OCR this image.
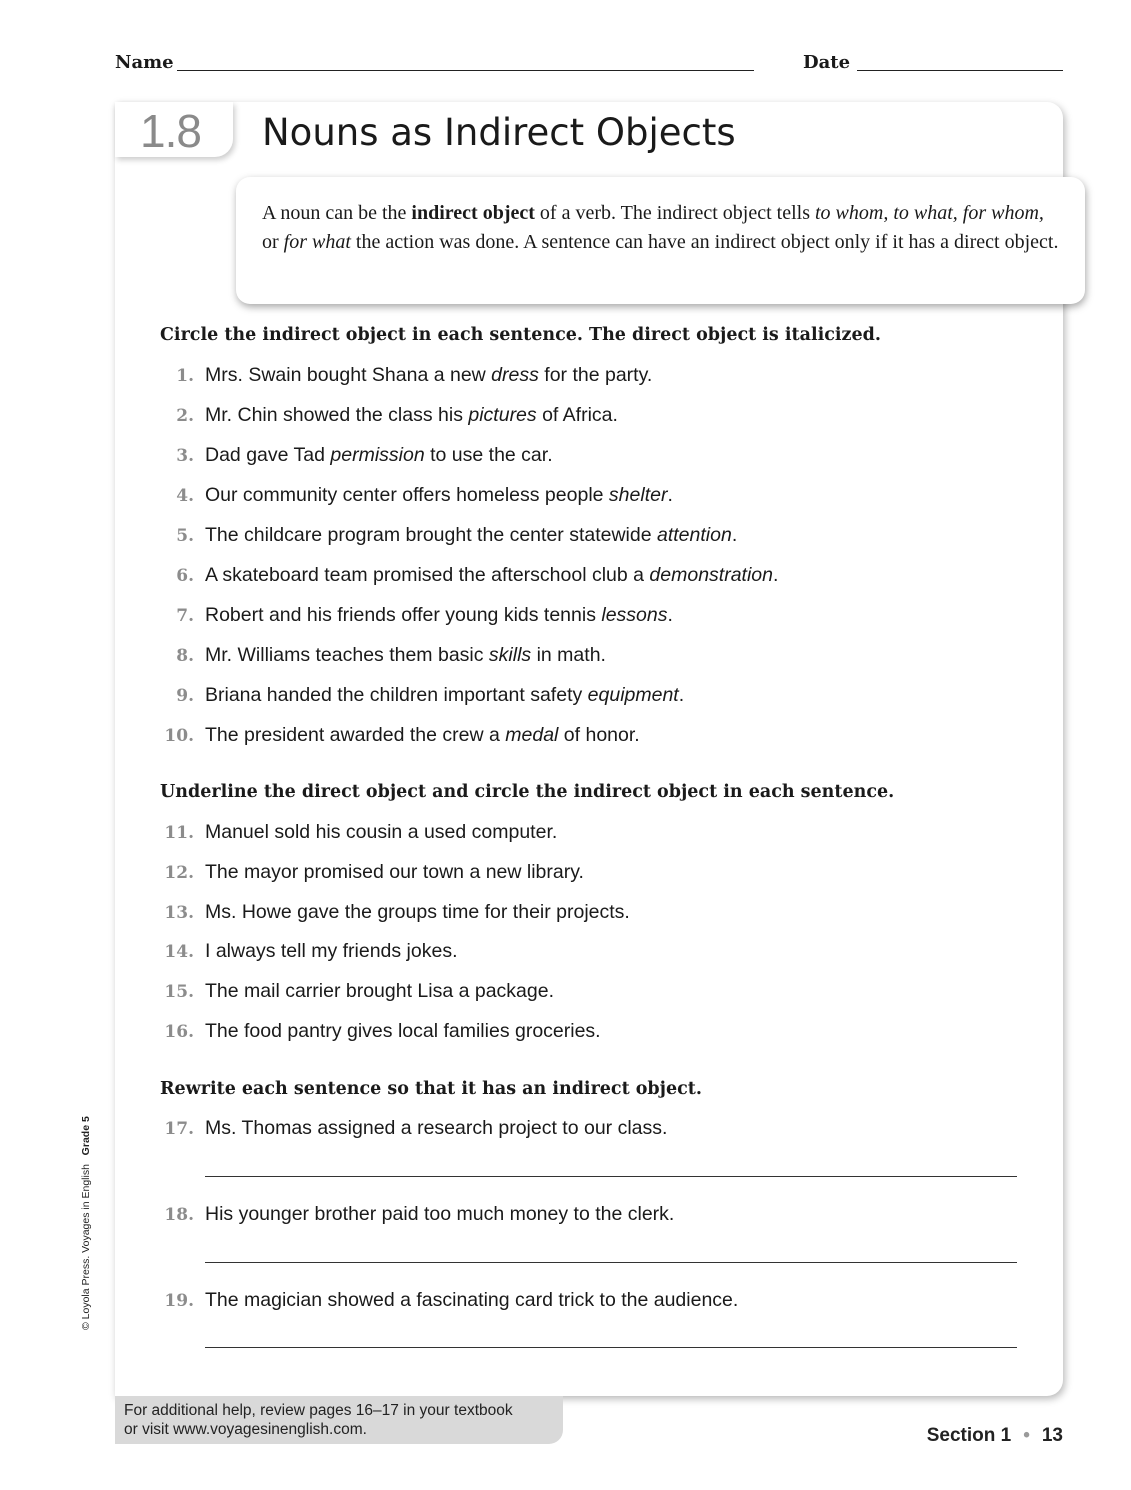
Name	Date
1.8 Nouns as Indirect Objects
A noun can be the indirect object of a verb. The indirect object tells to whom, to what, for whom, or for what the action was done. A sentence can have an indirect object only if it has a direct object.
Circle the indirect object in each sentence. The direct object is italicized.
1. Mrs. Swain bought Shana a new dress for the party.
2. Mr. Chin showed the class his pictures of Africa.
3. Dad gave Tad permission to use the car.
4. Our community center offers homeless people shelter.
5. The childcare program brought the center statewide attention.
6. A skateboard team promised the afterschool club a demonstration.
7. Robert and his friends offer young kids tennis lessons.
8. Mr. Williams teaches them basic skills in math.
9. Briana handed the children important safety equipment.
10. The president awarded the crew a medal of honor.
Underline the direct object and circle the indirect object in each sentence.
11. Manuel sold his cousin a used computer.
12. The mayor promised our town a new library.
13. Ms. Howe gave the groups time for their projects.
14. I always tell my friends jokes.
15. The mail carrier brought Lisa a package.
16. The food pantry gives local families groceries.
Rewrite each sentence so that it has an indirect object.
17. Ms. Thomas assigned a research project to our class.
18. His younger brother paid too much money to the clerk.
19. The magician showed a fascinating card trick to the audience.
© Loyola Press. Voyages in English   Grade 5
For additional help, review pages 16–17 in your textbook
or visit www.voyagesinenglish.com.	Section 1 • 13
